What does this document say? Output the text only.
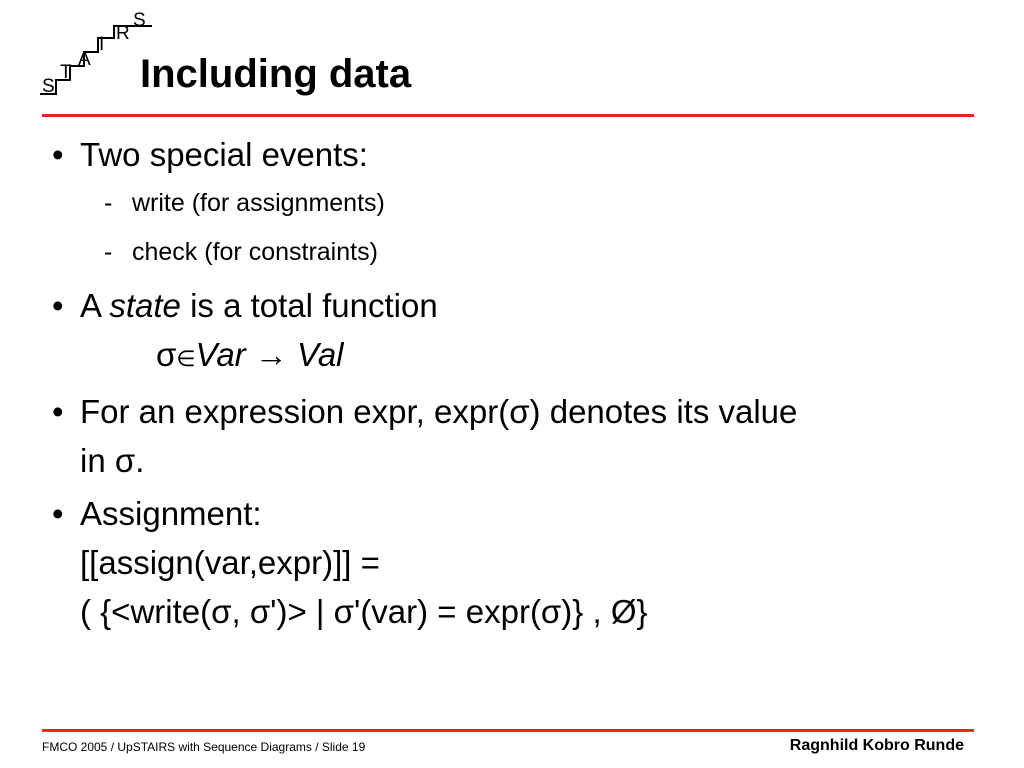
S
T
A
I
R
S
Including data
• Two special events:
- write (for assignments)
- check (for constraints)
• A state is a total function
σ∈Var → Val
• For an expression expr, expr(σ) denotes its value
in σ.
• Assignment:
[[assign(var,expr)]] =
( {<write(σ, σ')> | σ'(var) = expr(σ)} , Ø}
FMCO 2005 / UpSTAIRS with Sequence Diagrams / Slide 19	Ragnhild Kobro Runde
